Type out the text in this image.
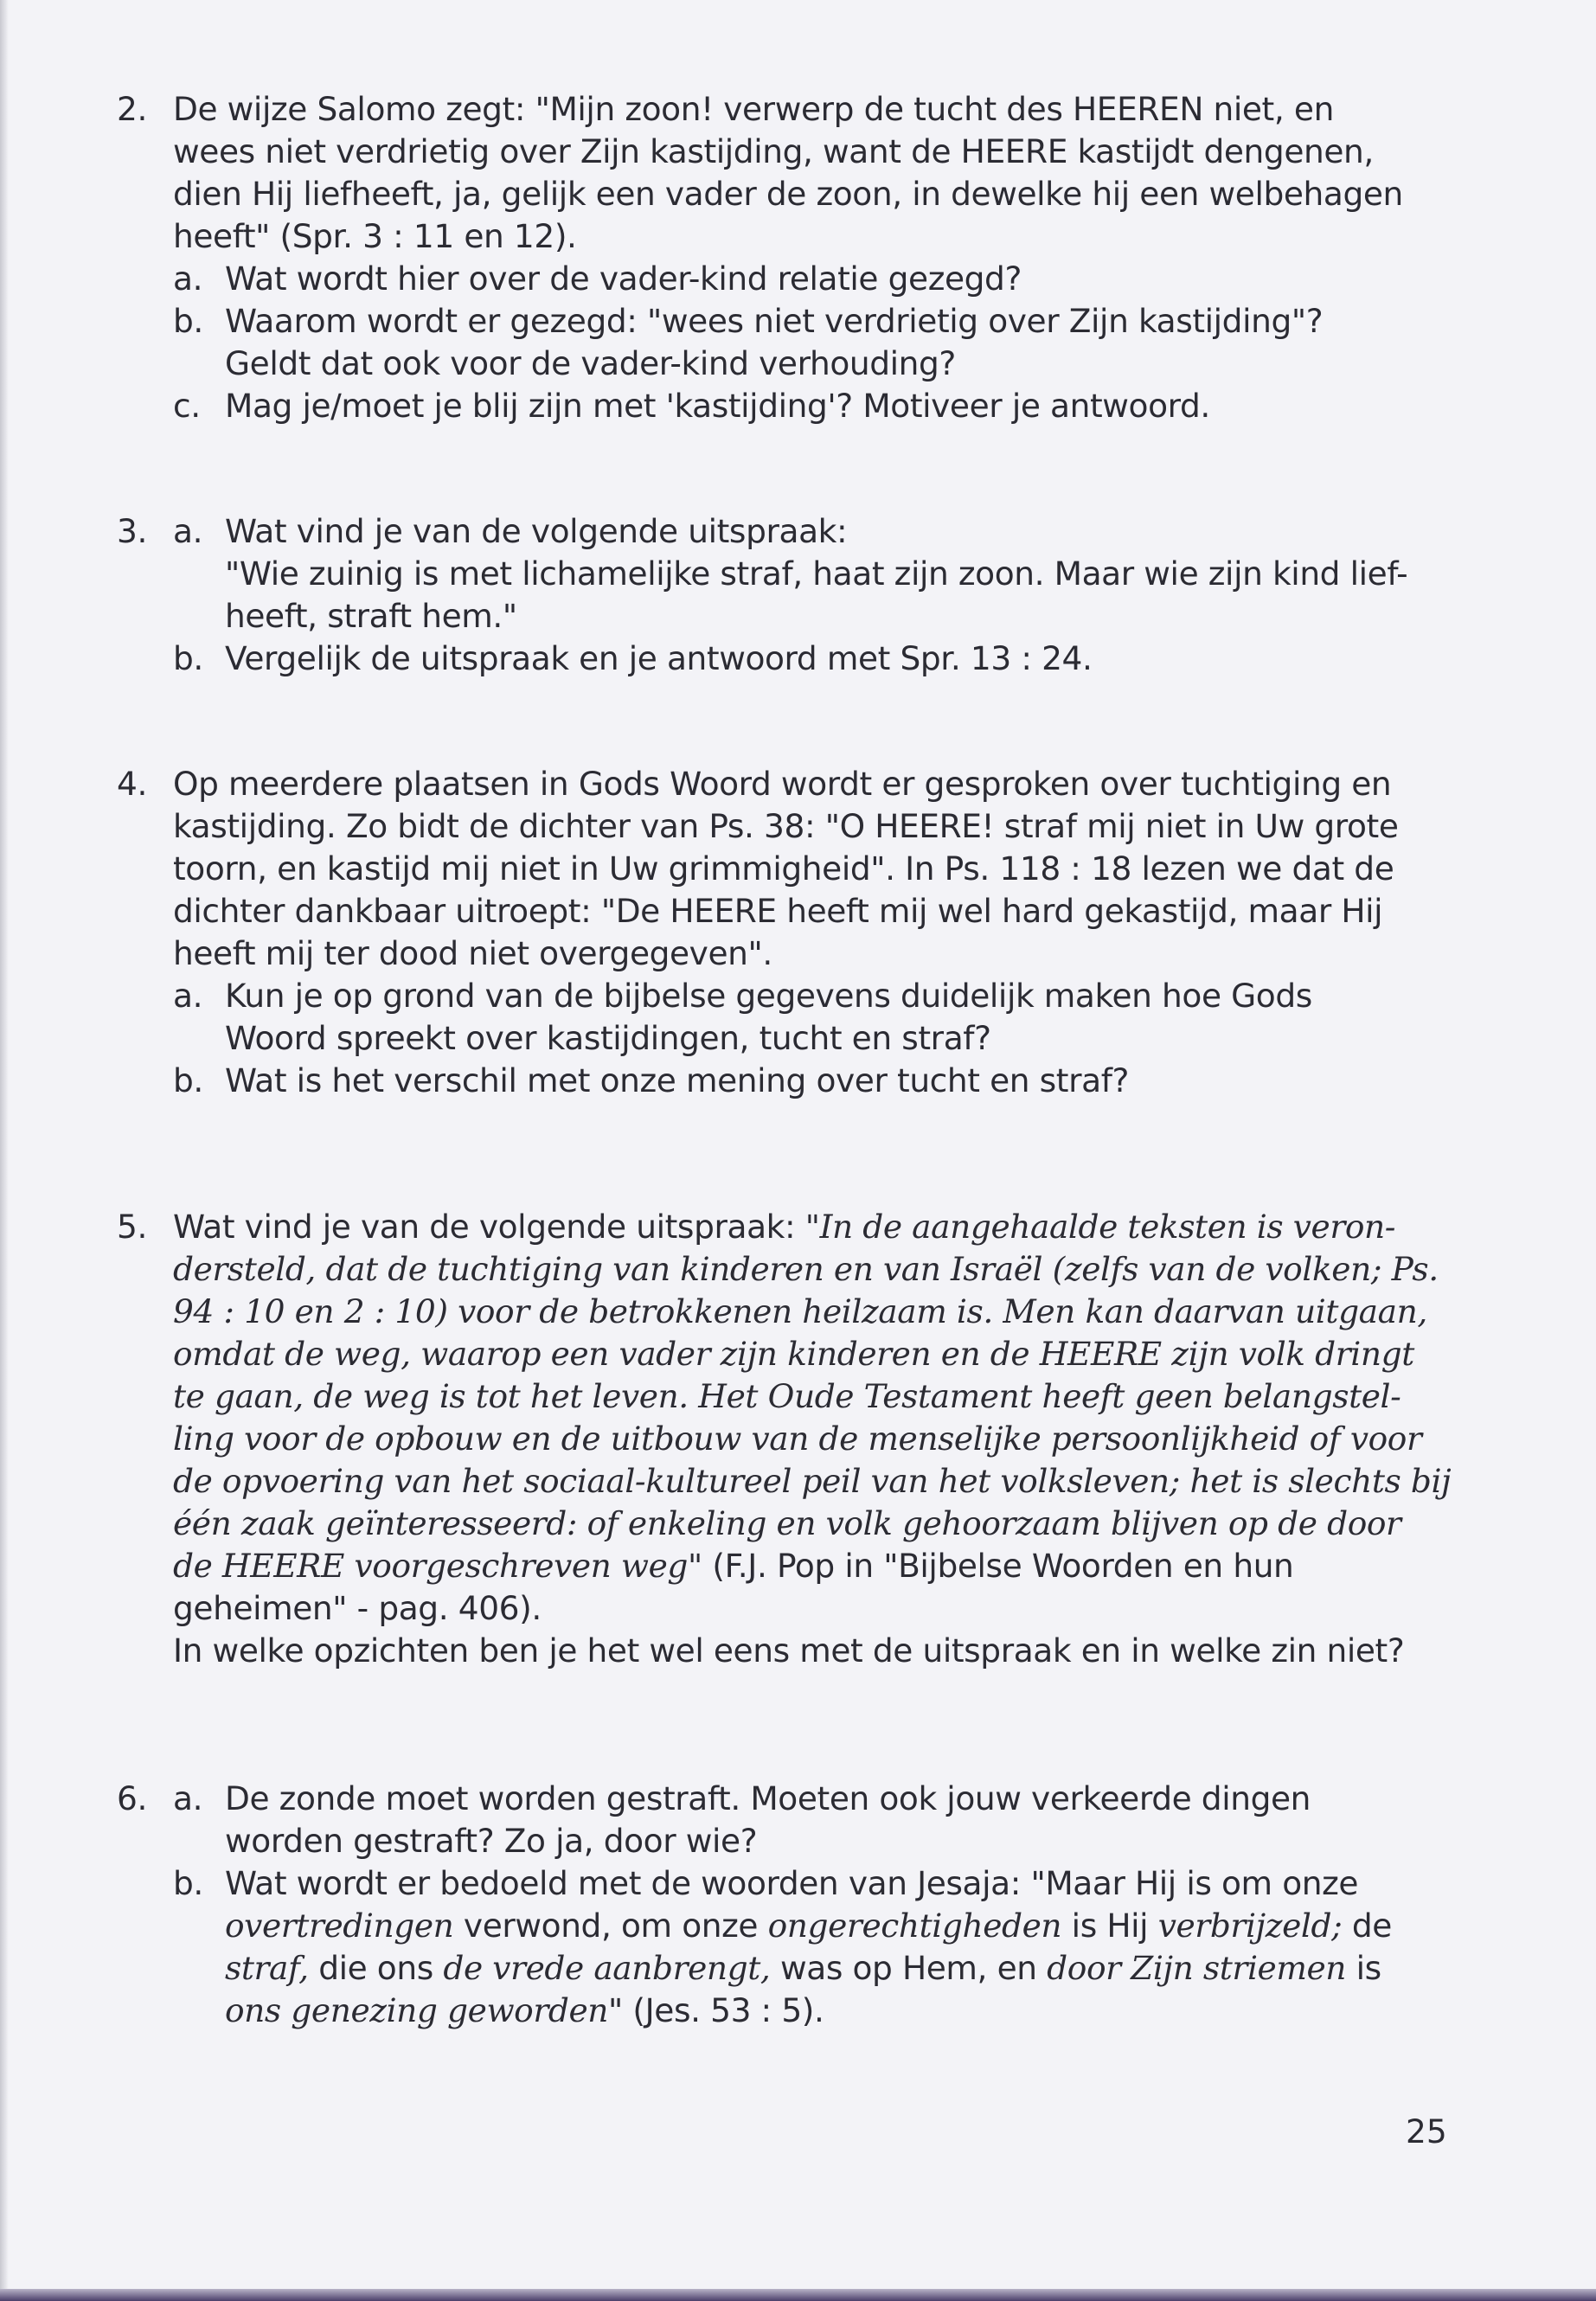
2. De wijze Salomo zegt: "Mijn zoon! verwerp de tucht des HEEREN niet, en
wees niet verdrietig over Zijn kastijding, want de HEERE kastijdt dengenen,
dien Hij liefheeft, ja, gelijk een vader de zoon, in dewelke hij een welbehagen
heeft" (Spr. 3 : 11 en 12).
a. Wat wordt hier over de vader-kind relatie gezegd?
b. Waarom wordt er gezegd: "wees niet verdrietig over Zijn kastijding"?
Geldt dat ook voor de vader-kind verhouding?
c. Mag je/moet je blij zijn met 'kastijding'? Motiveer je antwoord.
3. a. Wat vind je van de volgende uitspraak:
"Wie zuinig is met lichamelijke straf, haat zijn zoon. Maar wie zijn kind lief-
heeft, straft hem."
b. Vergelijk de uitspraak en je antwoord met Spr. 13 : 24.
4. Op meerdere plaatsen in Gods Woord wordt er gesproken over tuchtiging en
kastijding. Zo bidt de dichter van Ps. 38: "O HEERE! straf mij niet in Uw grote
toorn, en kastijd mij niet in Uw grimmigheid". In Ps. 118 : 18 lezen we dat de
dichter dankbaar uitroept: "De HEERE heeft mij wel hard gekastijd, maar Hij
heeft mij ter dood niet overgegeven".
a. Kun je op grond van de bijbelse gegevens duidelijk maken hoe Gods
Woord spreekt over kastijdingen, tucht en straf?
b. Wat is het verschil met onze mening over tucht en straf?
5. Wat vind je van de volgende uitspraak: "In de aangehaalde teksten is veron-
dersteld, dat de tuchtiging van kinderen en van Israël (zelfs van de volken; Ps.
94 : 10 en 2 : 10) voor de betrokkenen heilzaam is. Men kan daarvan uitgaan,
omdat de weg, waarop een vader zijn kinderen en de HEERE zijn volk dringt
te gaan, de weg is tot het leven. Het Oude Testament heeft geen belangstel-
ling voor de opbouw en de uitbouw van de menselijke persoonlijkheid of voor
de opvoering van het sociaal-kultureel peil van het volksleven; het is slechts bij
één zaak geïnteresseerd: of enkeling en volk gehoorzaam blijven op de door
de HEERE voorgeschreven weg" (F.J. Pop in "Bijbelse Woorden en hun
geheimen" - pag. 406).
In welke opzichten ben je het wel eens met de uitspraak en in welke zin niet?
6. a. De zonde moet worden gestraft. Moeten ook jouw verkeerde dingen
worden gestraft? Zo ja, door wie?
b. Wat wordt er bedoeld met de woorden van Jesaja: "Maar Hij is om onze
overtredingen verwond, om onze ongerechtigheden is Hij verbrijzeld; de
straf, die ons de vrede aanbrengt, was op Hem, en door Zijn striemen is
ons genezing geworden" (Jes. 53 : 5).
25
